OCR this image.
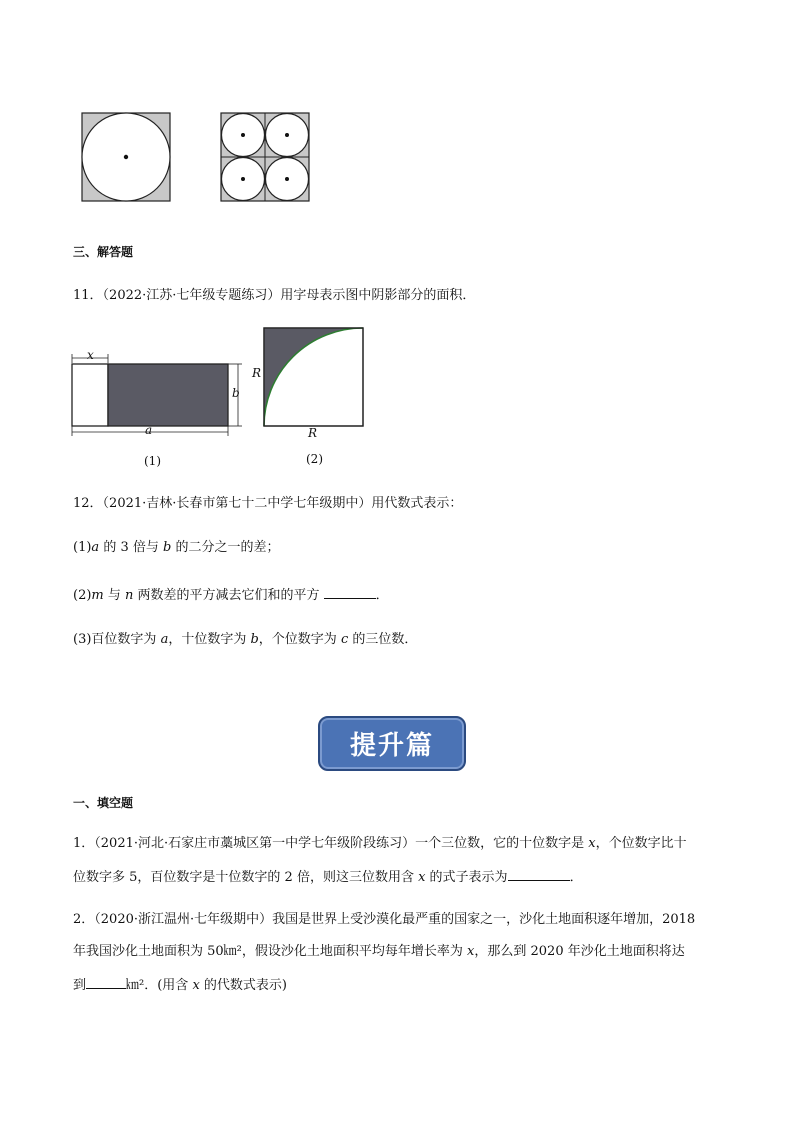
三、解答题
11．（2022·江苏·七年级专题练习）用字母表示图中阴影部分的面积．
x
b
a
(1)
R
R
(2)
12．（2021·吉林·长春市第七十二中学七年级期中）用代数式表示：
(1)a 的 3 倍与 b 的二分之一的差；
(2)m 与 n 两数差的平方减去它们和的平方	．
(3)百位数字为 a，十位数字为 b，个位数字为 c 的三位数．
提升篇
一、填空题
1．（2021·河北·石家庄市藁城区第一中学七年级阶段练习）一个三位数，它的十位数字是 x，个位数字比十
位数字多 5，百位数字是十位数字的 2 倍，则这三位数用含 x 的式子表示为	．
2．（2020·浙江温州·七年级期中）我国是世界上受沙漠化最严重的国家之一，沙化土地面积逐年增加，2018
年我国沙化土地面积为 50㎞²，假设沙化土地面积平均每年增长率为 x，那么到 2020 年沙化土地面积将达
到	㎞²．(用含 x 的代数式表示)
